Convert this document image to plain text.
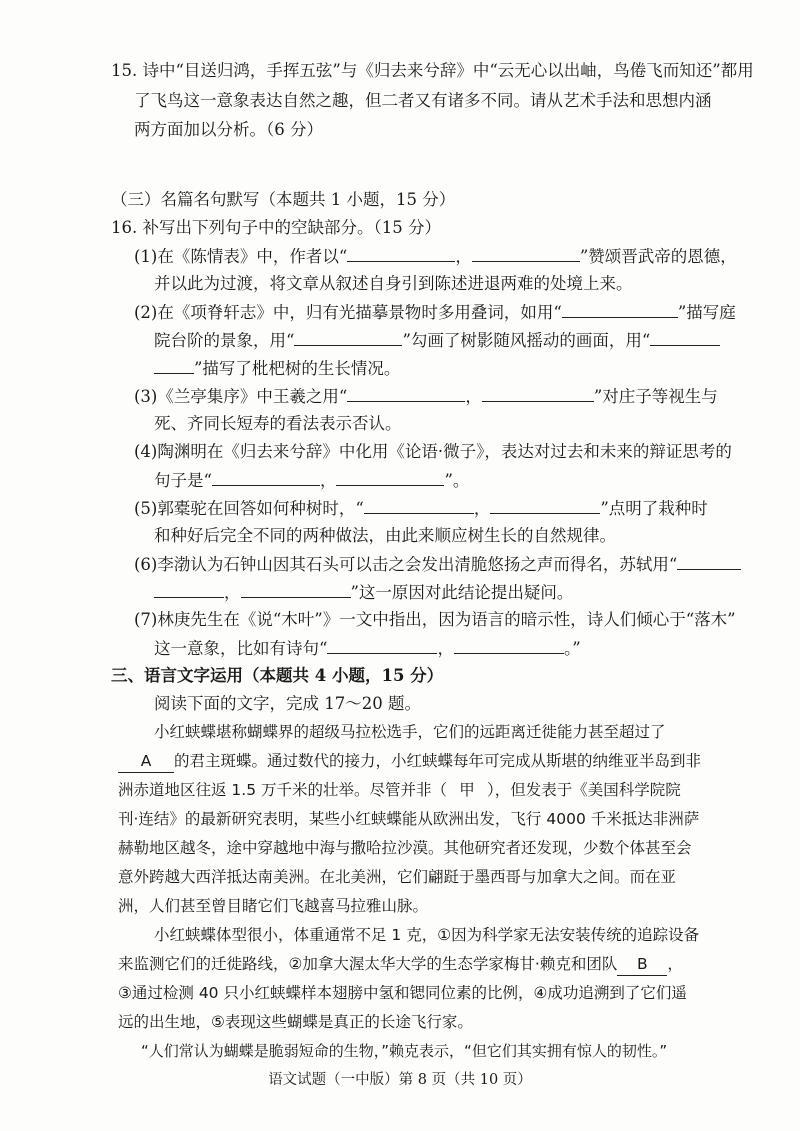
15. 诗中“目送归鸿，手挥五弦”与《归去来兮辞》中“云无心以出岫，鸟倦飞而知还”都用
了飞鸟这一意象表达自然之趣，但二者又有诸多不同。请从艺术手法和思想内涵
两方面加以分析。（6 分）
（三）名篇名句默写（本题共 1 小题，15 分）
16. 补写出下列句子中的空缺部分。（15 分）
(1)在《陈情表》中，作者以“	，	”赞颂晋武帝的恩德，
并以此为过渡，将文章从叙述自身引到陈述进退两难的处境上来。
(2)在《项脊轩志》中，归有光描摹景物时多用叠词，如用“	”描写庭
院台阶的景象，用“	”勾画了树影随风摇动的画面，用“
”描写了枇杷树的生长情况。
(3)《兰亭集序》中王羲之用“	，	”对庄子等视生与
死、齐同长短寿的看法表示否认。
(4)陶渊明在《归去来兮辞》中化用《论语·微子》，表达对过去和未来的辩证思考的
句子是“	，	”。
(5)郭橐驼在回答如何种树时，“	，	”点明了栽种时
和种好后完全不同的两种做法，由此来顺应树生长的自然规律。
(6)李渤认为石钟山因其石头可以击之会发出清脆悠扬之声而得名，苏轼用“
，	”这一原因对此结论提出疑问。
(7)林庚先生在《说“木叶”》一文中指出，因为语言的暗示性，诗人们倾心于“落木”
这一意象，比如有诗句“	，	。”
三、语言文字运用（本题共 4 小题，15 分）
阅读下面的文字，完成 17～20 题。
小红蛱蝶堪称蝴蝶界的超级马拉松选手，它们的远距离迁徙能力甚至超过了
A 的君主斑蝶。通过数代的接力，小红蛱蝶每年可完成从斯堪的纳维亚半岛到非
洲赤道地区往返 1.5 万千米的壮举。尽管并非（ 甲 ），但发表于《美国科学院院
刊·连结》的最新研究表明，某些小红蛱蝶能从欧洲出发，飞行 4000 千米抵达非洲萨
赫勒地区越冬，途中穿越地中海与撒哈拉沙漠。其他研究者还发现，少数个体甚至会
意外跨越大西洋抵达南美洲。在北美洲，它们翩跹于墨西哥与加拿大之间。而在亚
洲，人们甚至曾目睹它们飞越喜马拉雅山脉。
小红蛱蝶体型很小，体重通常不足 1 克，①因为科学家无法安装传统的追踪设备
来监测它们的迁徙路线，②加拿大渥太华大学的生态学家梅甘·赖克和团队 B ，
③通过检测 40 只小红蛱蝶样本翅膀中氢和锶同位素的比例，④成功追溯到了它们遥
远的出生地，⑤表现这些蝴蝶是真正的长途飞行家。
“人们常认为蝴蝶是脆弱短命的生物，”赖克表示，“但它们其实拥有惊人的韧性。”
语文试题（一中版）第 8 页（共 10 页）
